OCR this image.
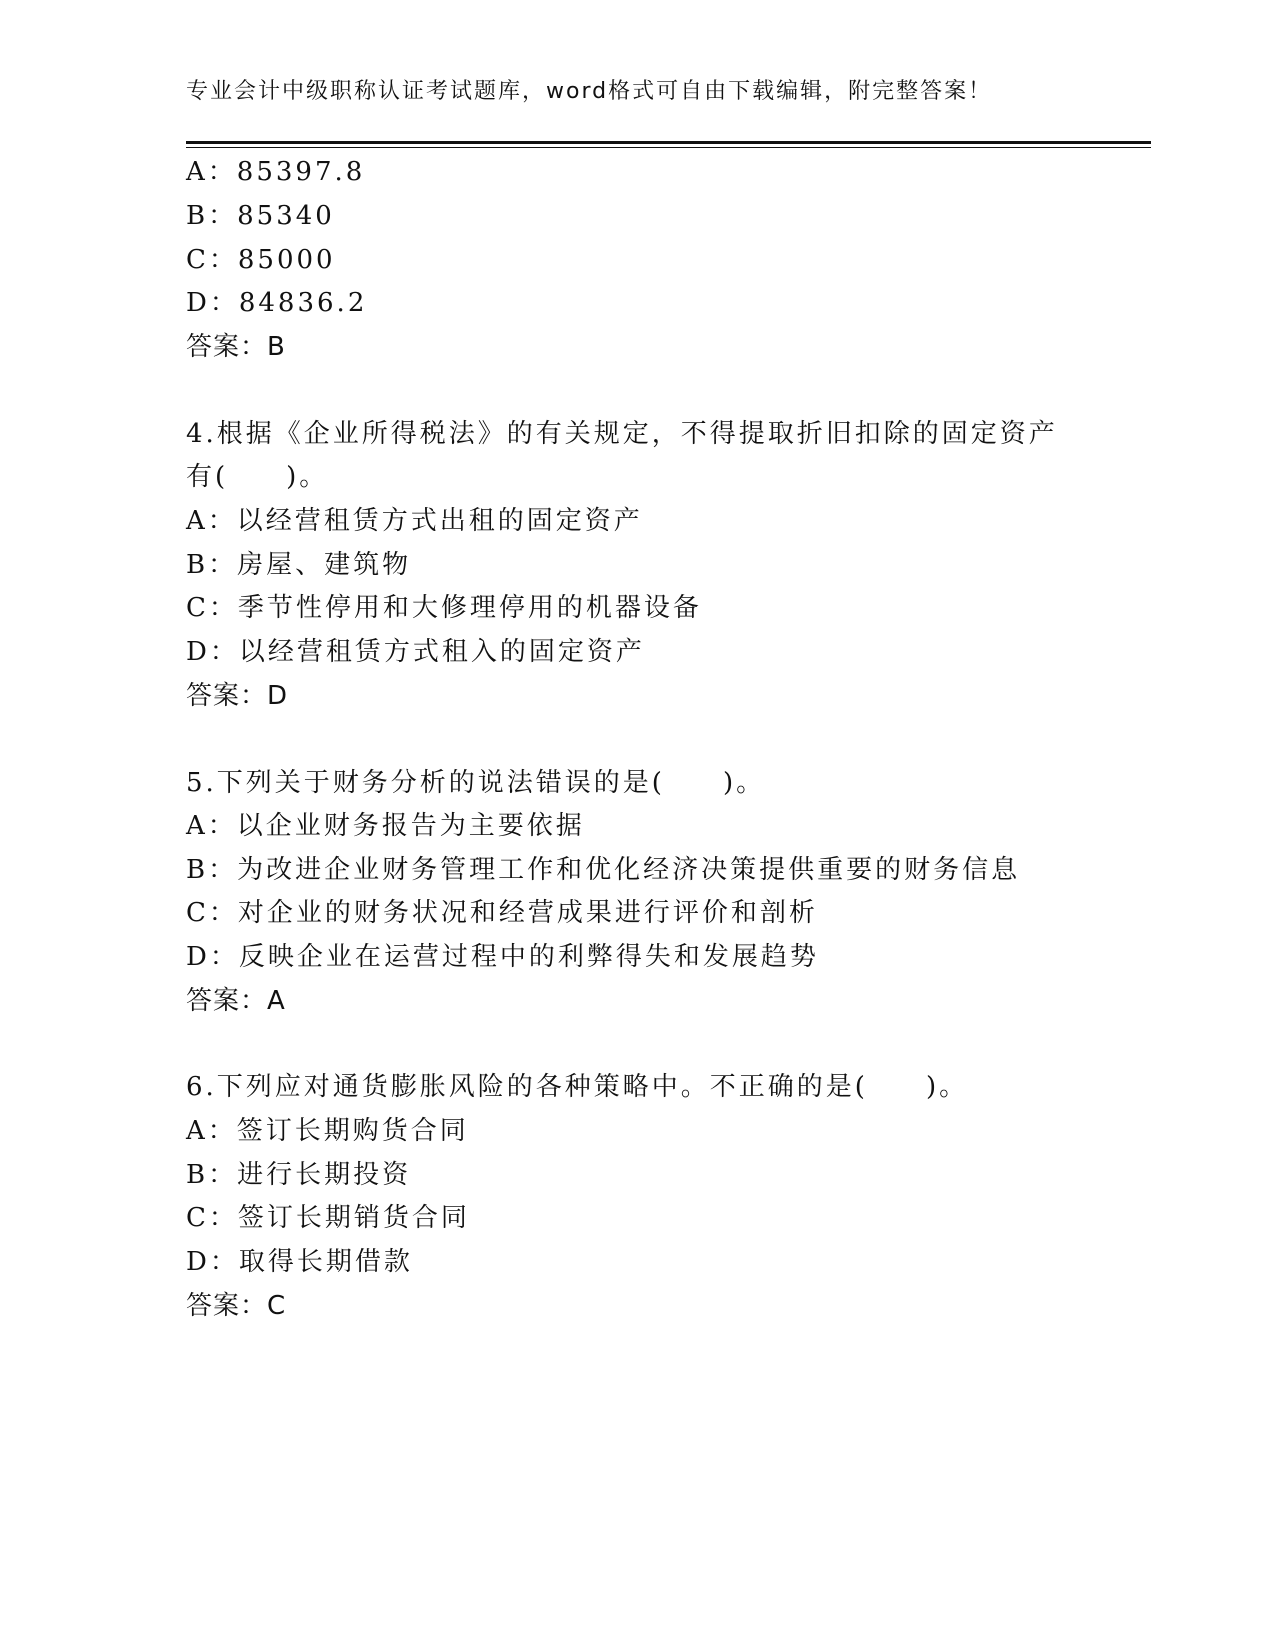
专业会计中级职称认证考试题库，word格式可自由下载编辑，附完整答案！
A：85397.8
B：85340
C：85000
D：84836.2
答案：B
4.根据《企业所得税法》的有关规定，不得提取折旧扣除的固定资产
有(　　)。
A：以经营租赁方式出租的固定资产
B：房屋、建筑物
C：季节性停用和大修理停用的机器设备
D：以经营租赁方式租入的固定资产
答案：D
5.下列关于财务分析的说法错误的是(　　)。
A：以企业财务报告为主要依据
B：为改进企业财务管理工作和优化经济决策提供重要的财务信息
C：对企业的财务状况和经营成果进行评价和剖析
D：反映企业在运营过程中的利弊得失和发展趋势
答案：A
6.下列应对通货膨胀风险的各种策略中。不正确的是(　　)。
A：签订长期购货合同
B：进行长期投资
C：签订长期销货合同
D：取得长期借款
答案：C
